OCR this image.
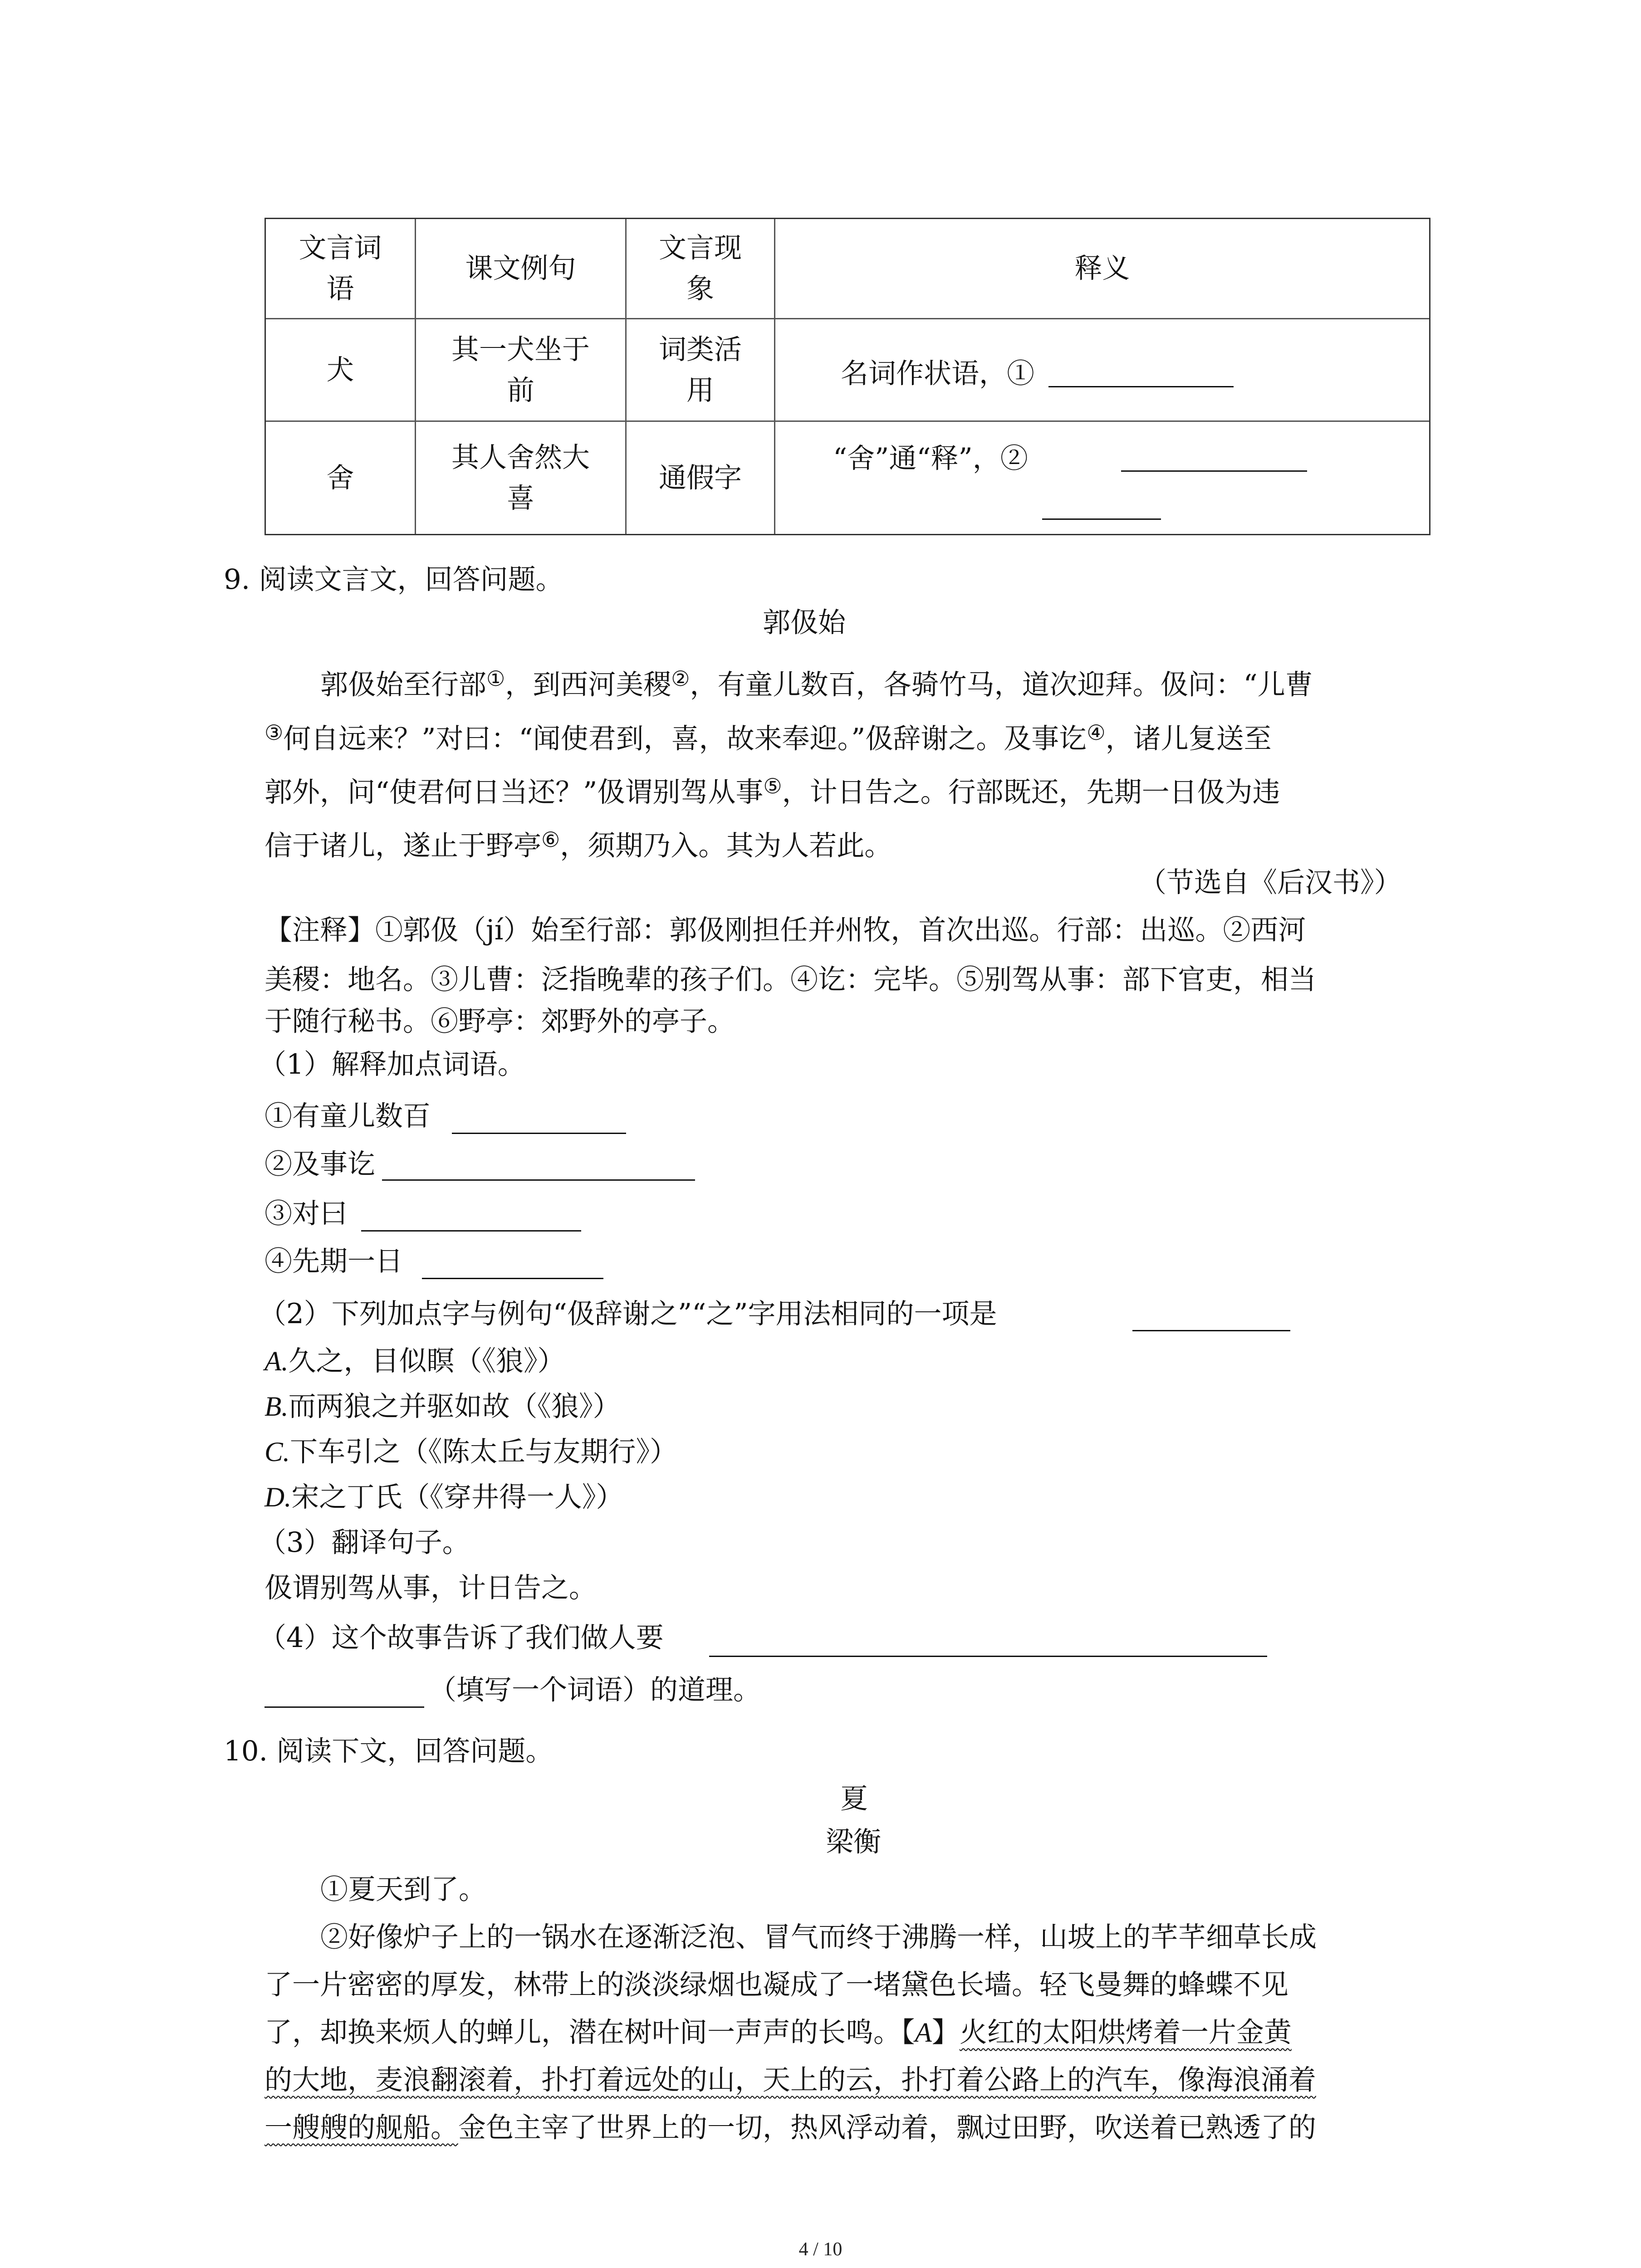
文言词
语
课文例句
文言现
象
释义
犬
其一犬坐于
前
词类活
用
名词作状语，①
舍
其人舍然大
喜
通假字
“舍”通“释”，②
9. 阅读文言文，回答问题。
郭伋始
郭伋始至行部①，到西河美稷②，有童儿数百，各骑竹马，道次迎拜。伋问：“儿曹
③何自远来？”对曰：“闻使君到，喜，故来奉迎。”伋辞谢之。及事讫④，诸儿复送至
郭外，问“使君何日当还？”伋谓别驾从事⑤，计日告之。行部既还，先期一日伋为违
信于诸儿，遂止于野亭⑥，须期乃入。其为人若此。
（节选自《后汉书》）
【注释】①郭伋（jí）始至行部：郭伋刚担任并州牧，首次出巡。行部：出巡。②西河
美稷：地名。③儿曹：泛指晚辈的孩子们。④讫：完毕。⑤别驾从事：部下官吏，相当
于随行秘书。⑥野亭：郊野外的亭子。
（1）解释加点词语。
①有童儿数百
②及事讫
③对曰
④先期一日
（2）下列加点字与例句“伋辞谢之”“之”字用法相同的一项是
A.久之，目似瞑（《狼》）
B.而两狼之并驱如故（《狼》）
C.下车引之（《陈太丘与友期行》）
D.宋之丁氏（《穿井得一人》）
（3）翻译句子。
伋谓别驾从事，计日告之。
（4）这个故事告诉了我们做人要
（填写一个词语）的道理。
10. 阅读下文，回答问题。
夏
梁衡
①夏天到了。
②好像炉子上的一锅水在逐渐泛泡、冒气而终于沸腾一样，山坡上的芊芊细草长成
了一片密密的厚发，林带上的淡淡绿烟也凝成了一堵黛色长墙。轻飞曼舞的蜂蝶不见
了，却换来烦人的蝉儿，潜在树叶间一声声的长鸣。【A】火红的太阳烘烤着一片金黄
的大地，麦浪翻滚着，扑打着远处的山，天上的云，扑打着公路上的汽车，像海浪涌着
一艘艘的舰船。金色主宰了世界上的一切，热风浮动着，飘过田野，吹送着已熟透了的
4 / 10
